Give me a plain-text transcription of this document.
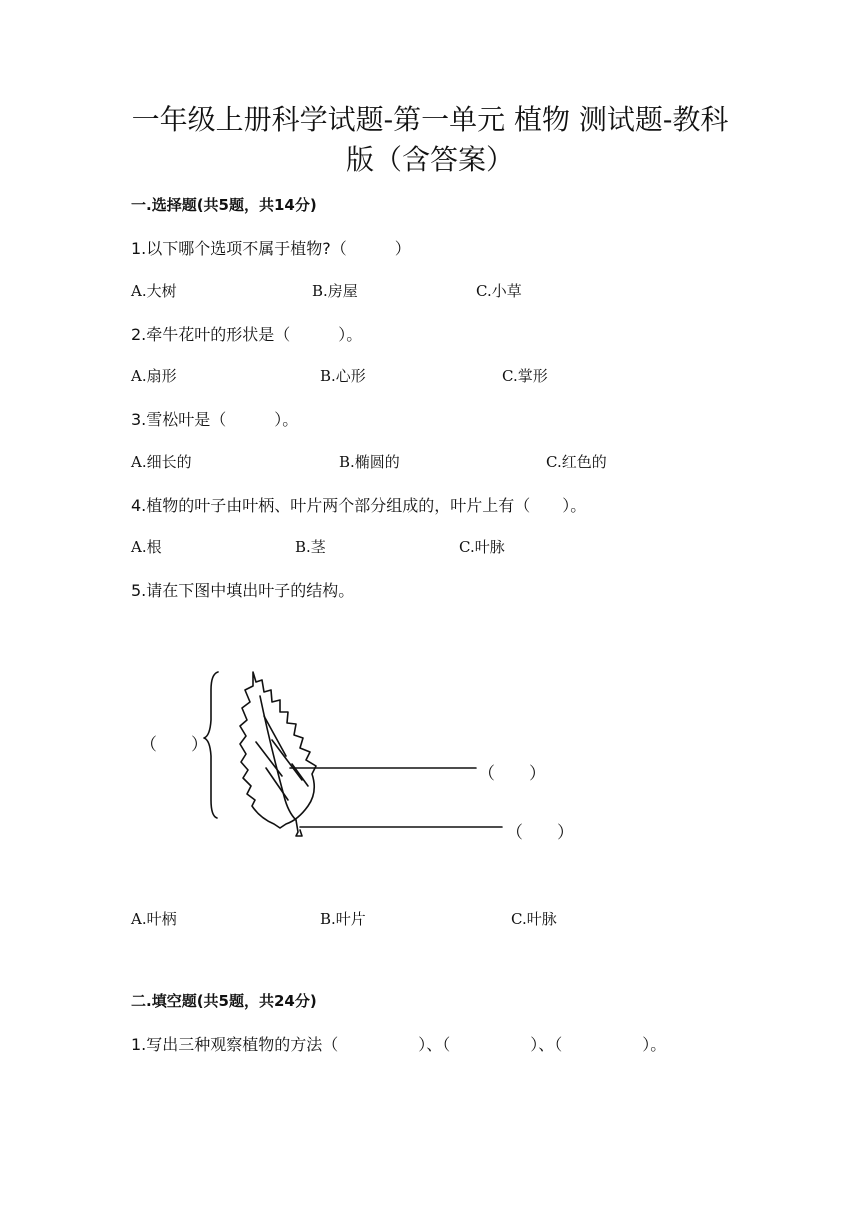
一年级上册科学试题-第一单元 植物 测试题-教科
版（含答案）
一.选择题(共5题，共14分)
1.以下哪个选项不属于植物?（　　　）
A.大树	B.房屋	C.小草
2.牵牛花叶的形状是（　　　）。
A.扇形	B.心形	C.掌形
3.雪松叶是（　　　）。
A.细长的	B.椭圆的	C.红色的
4.植物的叶子由叶柄、叶片两个部分组成的，叶片上有（　　）。
A.根	B.茎	C.叶脉
5.请在下图中填出叶子的结构。
（　　）
（　　）
（　　）
A.叶柄	B.叶片	C.叶脉
二.填空题(共5题，共24分)
1.写出三种观察植物的方法（　　　　　）、（　　　　　）、（　　　　　）。
